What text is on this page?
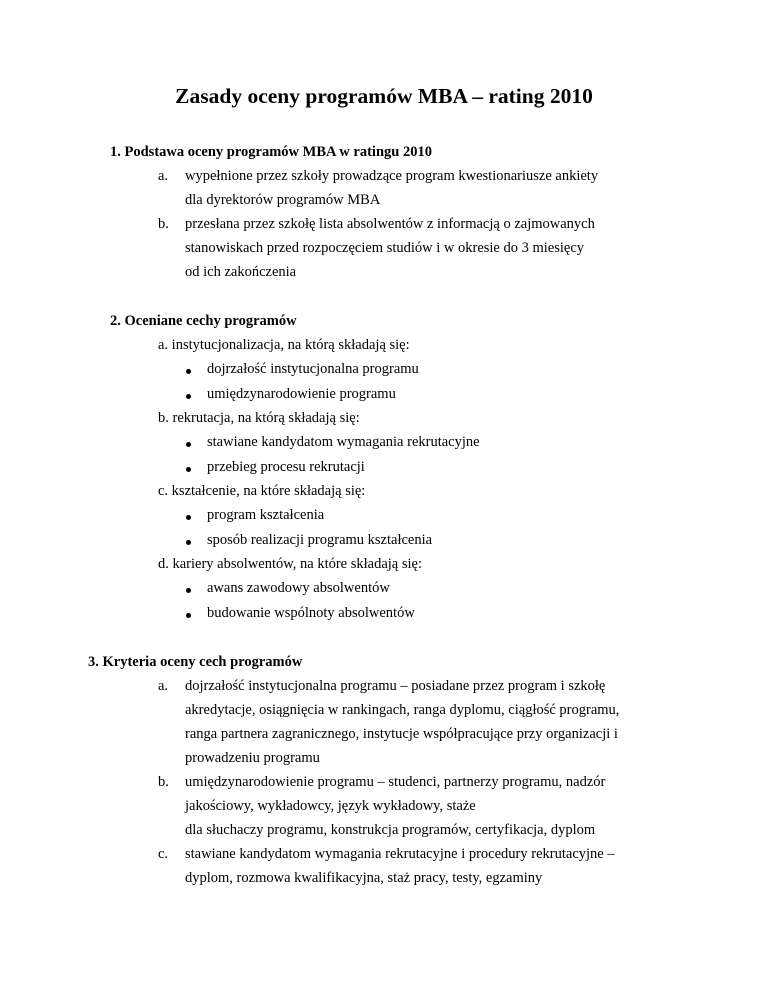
Zasady oceny programów MBA – rating 2010
1. Podstawa oceny programów MBA w ratingu 2010
a. wypełnione przez szkoły prowadzące program kwestionariusze ankiety
dla dyrektorów programów MBA
b. przesłana przez szkołę lista absolwentów z informacją o zajmowanych
stanowiskach przed rozpoczęciem studiów i w okresie do 3 miesięcy
od ich zakończenia
2. Oceniane cechy programów
a. instytucjonalizacja, na którą składają się:
dojrzałość instytucjonalna programu
umiędzynarodowienie programu
b. rekrutacja, na którą składają się:
stawiane kandydatom wymagania rekrutacyjne
przebieg procesu rekrutacji
c. kształcenie, na które składają się:
program kształcenia
sposób realizacji programu kształcenia
d. kariery absolwentów, na które składają się:
awans zawodowy absolwentów
budowanie wspólnoty absolwentów
3. Kryteria oceny cech programów
a. dojrzałość instytucjonalna programu – posiadane przez program i szkołę
akredytacje, osiągnięcia w rankingach, ranga dyplomu, ciągłość programu,
ranga partnera zagranicznego, instytucje współpracujące przy organizacji i
prowadzeniu programu
b. umiędzynarodowienie programu – studenci, partnerzy programu, nadzór
jakościowy, wykładowcy, język wykładowy, staże
dla słuchaczy programu, konstrukcja programów, certyfikacja, dyplom
c. stawiane kandydatom wymagania rekrutacyjne i procedury rekrutacyjne –
dyplom, rozmowa kwalifikacyjna, staż pracy, testy, egzaminy
